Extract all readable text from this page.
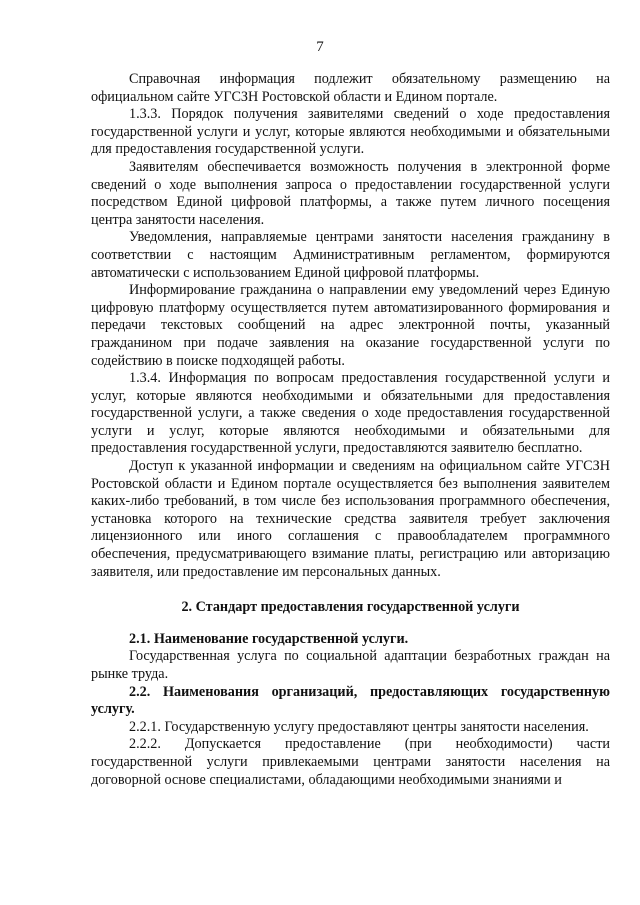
7

Справочная информация подлежит обязательному размещению на официальном сайте УГСЗН Ростовской области и Едином портале.

1.3.3. Порядок получения заявителями сведений о ходе предоставления государственной услуги и услуг, которые являются необходимыми и обязательными для предоставления государственной услуги.

Заявителям обеспечивается возможность получения в электронной форме сведений о ходе выполнения запроса о предоставлении государственной услуги посредством Единой цифровой платформы, а также путем личного посещения центра занятости населения.

Уведомления, направляемые центрами занятости населения гражданину в соответствии с настоящим Административным регламентом, формируются автоматически с использованием Единой цифровой платформы.

Информирование гражданина о направлении ему уведомлений через Единую цифровую платформу осуществляется путем автоматизированного формирования и передачи текстовых сообщений на адрес электронной почты, указанный гражданином при подаче заявления на оказание государственной услуги по содействию в поиске подходящей работы.

1.3.4. Информация по вопросам предоставления государственной услуги и услуг, которые являются необходимыми и обязательными для предоставления государственной услуги, а также сведения о ходе предоставления государственной услуги и услуг, которые являются необходимыми и обязательными для предоставления государственной услуги, предоставляются заявителю бесплатно.

Доступ к указанной информации и сведениям на официальном сайте УГСЗН Ростовской области и Едином портале осуществляется без выполнения заявителем каких-либо требований, в том числе без использования программного обеспечения, установка которого на технические средства заявителя требует заключения лицензионного или иного соглашения с правообладателем программного обеспечения, предусматривающего взимание платы, регистрацию или авторизацию заявителя, или предоставление им персональных данных.

2. Стандарт предоставления государственной услуги

2.1. Наименование государственной услуги.

Государственная услуга по социальной адаптации безработных граждан на рынке труда.

2.2. Наименования организаций, предоставляющих государственную услугу.

2.2.1. Государственную услугу предоставляют центры занятости населения.

2.2.2. Допускается предоставление (при необходимости) части государственной услуги привлекаемыми центрами занятости населения на договорной основе специалистами, обладающими необходимыми знаниями и
